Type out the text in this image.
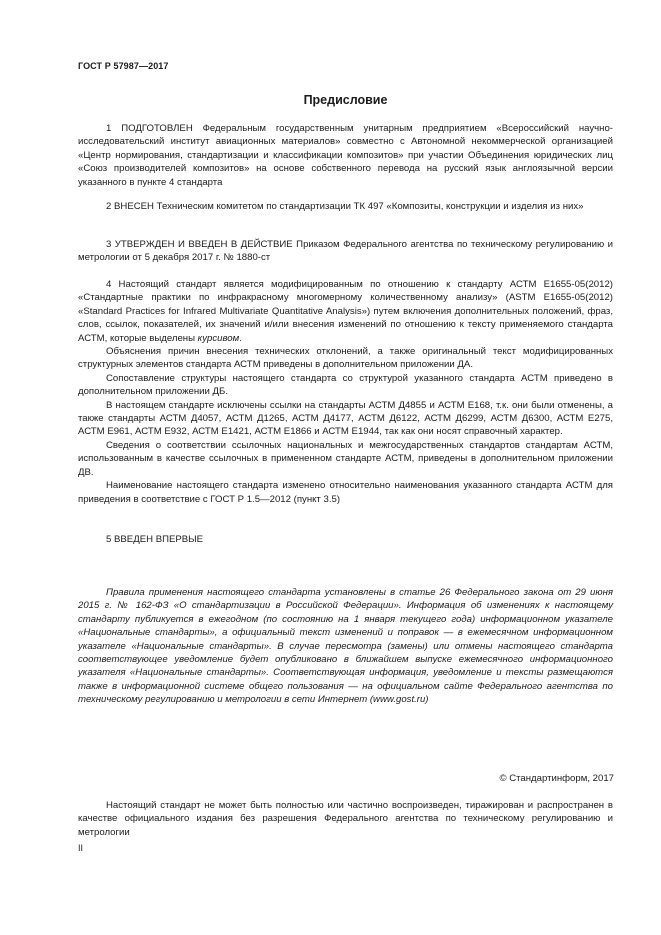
ГОСТ Р 57987—2017
Предисловие

1 ПОДГОТОВЛЕН Федеральным государственным унитарным предприятием «Всероссийский научно-исследовательский институт авиационных материалов» совместно с Автономной некоммерческой организацией «Центр нормирования, стандартизации и классификации композитов» при участии Объединения юридических лиц «Союз производителей композитов» на основе собственного перевода на русский язык англоязычной версии указанного в пункте 4 стандарта

2 ВНЕСЕН Техническим комитетом по стандартизации ТК 497 «Композиты, конструкции и изделия из них»

3 УТВЕРЖДЕН И ВВЕДЕН В ДЕЙСТВИЕ Приказом Федерального агентства по техническому регулированию и метрологии от 5 декабря 2017 г. № 1880-ст

4 Настоящий стандарт является модифицированным по отношению к стандарту АСТМ Е1655-05(2012) «Стандартные практики по инфракрасному многомерному количественному анализу» (ASTM E1655-05(2012) «Standard Practices for Infrared Multivariate Quantitative Analysis») путем включения дополнительных положений, фраз, слов, ссылок, показателей, их значений и/или внесения изменений по отношению к тексту применяемого стандарта АСТМ, которые выделены курсивом.

Объяснения причин внесения технических отклонений, а также оригинальный текст модифицированных структурных элементов стандарта АСТМ приведены в дополнительном приложении ДА.

Сопоставление структуры настоящего стандарта со структурой указанного стандарта АСТМ приведено в дополнительном приложении ДБ.

В настоящем стандарте исключены ссылки на стандарты АСТМ Д4855 и АСТМ Е168, т.к. они были отменены, а также стандарты АСТМ Д4057, АСТМ Д1265, АСТМ Д4177, АСТМ Д6122, АСТМ Д6299, АСТМ Д6300, АСТМ Е275, АСТМ Е961, АСТМ Е932, АСТМ Е1421, АСТМ Е1866 и АСТМ Е1944, так как они носят справочный характер.

Сведения о соответствии ссылочных национальных и межгосударственных стандартов стандартам АСТМ, использованным в качестве ссылочных в примененном стандарте АСТМ, приведены в дополнительном приложении ДВ.

Наименование настоящего стандарта изменено относительно наименования указанного стандарта АСТМ для приведения в соответствие с ГОСТ Р 1.5—2012 (пункт 3.5)

5 ВВЕДЕН ВПЕРВЫЕ

Правила применения настоящего стандарта установлены в статье 26 Федерального закона от 29 июня 2015 г. № 162-ФЗ «О стандартизации в Российской Федерации». Информация об изменениях к настоящему стандарту публикуется в ежегодном (по состоянию на 1 января текущего года) информационном указателе «Национальные стандарты», а официальный текст изменений и поправок — в ежемесячном информационном указателе «Национальные стандарты». В случае пересмотра (замены) или отмены настоящего стандарта соответствующее уведомление будет опубликовано в ближайшем выпуске ежемесячного информационного указателя «Национальные стандарты». Соответствующая информация, уведомление и тексты размещаются также в информационной системе общего пользования — на официальном сайте Федерального агентства по техническому регулированию и метрологии в сети Интернет (www.gost.ru)

© Стандартинформ, 2017

Настоящий стандарт не может быть полностью или частично воспроизведен, тиражирован и распространен в качестве официального издания без разрешения Федерального агентства по техническому регулированию и метрологии

II
